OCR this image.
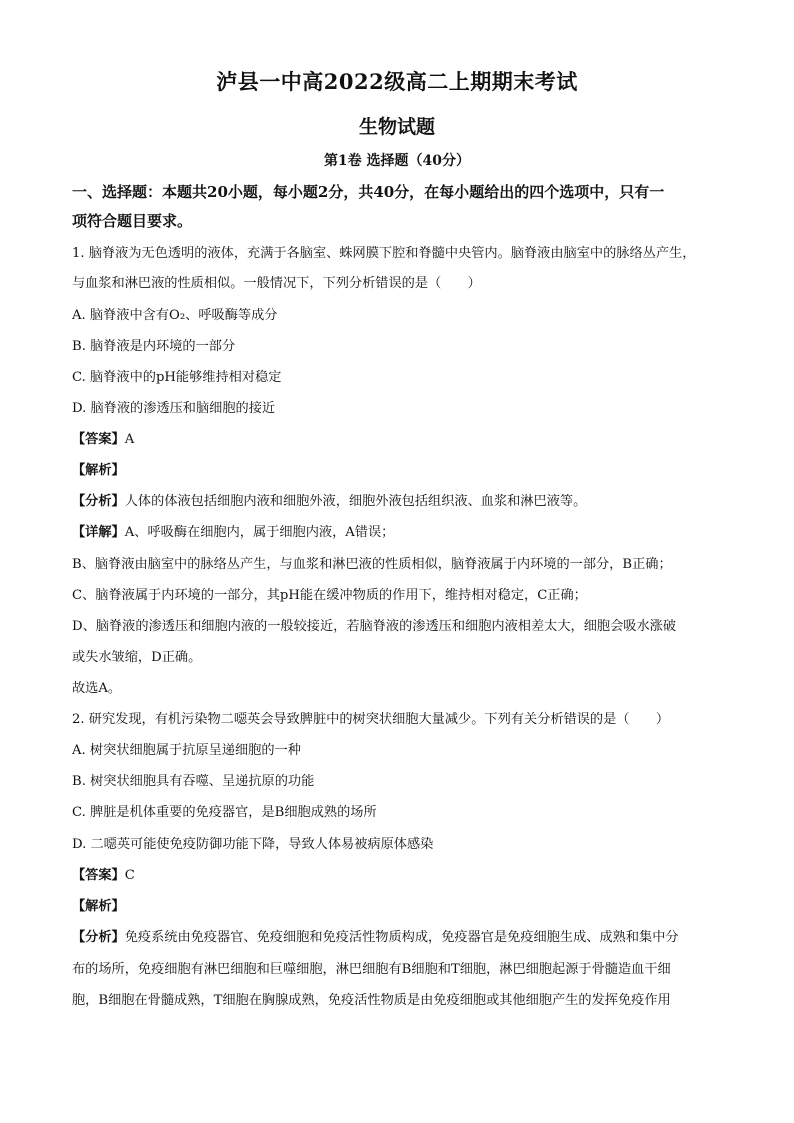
泸县一中高2022级高二上期期末考试
生物试题
第1卷 选择题（40分）
一、选择题：本题共20小题，每小题2分，共40分，在每小题给出的四个选项中，只有一
项符合题目要求。
1. 脑脊液为无色透明的液体，充满于各脑室、蛛网膜下腔和脊髓中央管内。脑脊液由脑室中的脉络丛产生，
与血浆和淋巴液的性质相似。一般情况下，下列分析错误的是（　　）
A. 脑脊液中含有O₂、呼吸酶等成分
B. 脑脊液是内环境的一部分
C. 脑脊液中的pH能够维持相对稳定
D. 脑脊液的渗透压和脑细胞的接近
【答案】A
【解析】
【分析】人体的体液包括细胞内液和细胞外液，细胞外液包括组织液、血浆和淋巴液等。
【详解】A、呼吸酶在细胞内，属于细胞内液，A错误；
B、脑脊液由脑室中的脉络丛产生，与血浆和淋巴液的性质相似，脑脊液属于内环境的一部分，B正确；
C、脑脊液属于内环境的一部分，其pH能在缓冲物质的作用下，维持相对稳定，C正确；
D、脑脊液的渗透压和细胞内液的一般较接近，若脑脊液的渗透压和细胞内液相差太大，细胞会吸水涨破
或失水皱缩，D正确。
故选A。
2. 研究发现，有机污染物二噁英会导致脾脏中的树突状细胞大量减少。下列有关分析错误的是（　　）
A. 树突状细胞属于抗原呈递细胞的一种
B. 树突状细胞具有吞噬、呈递抗原的功能
C. 脾脏是机体重要的免疫器官，是B细胞成熟的场所
D. 二噁英可能使免疫防御功能下降，导致人体易被病原体感染
【答案】C
【解析】
【分析】免疫系统由免疫器官、免疫细胞和免疫活性物质构成，免疫器官是免疫细胞生成、成熟和集中分
布的场所，免疫细胞有淋巴细胞和巨噬细胞，淋巴细胞有B细胞和T细胞，淋巴细胞起源于骨髓造血干细
胞，B细胞在骨髓成熟，T细胞在胸腺成熟，免疫活性物质是由免疫细胞或其他细胞产生的发挥免疫作用
